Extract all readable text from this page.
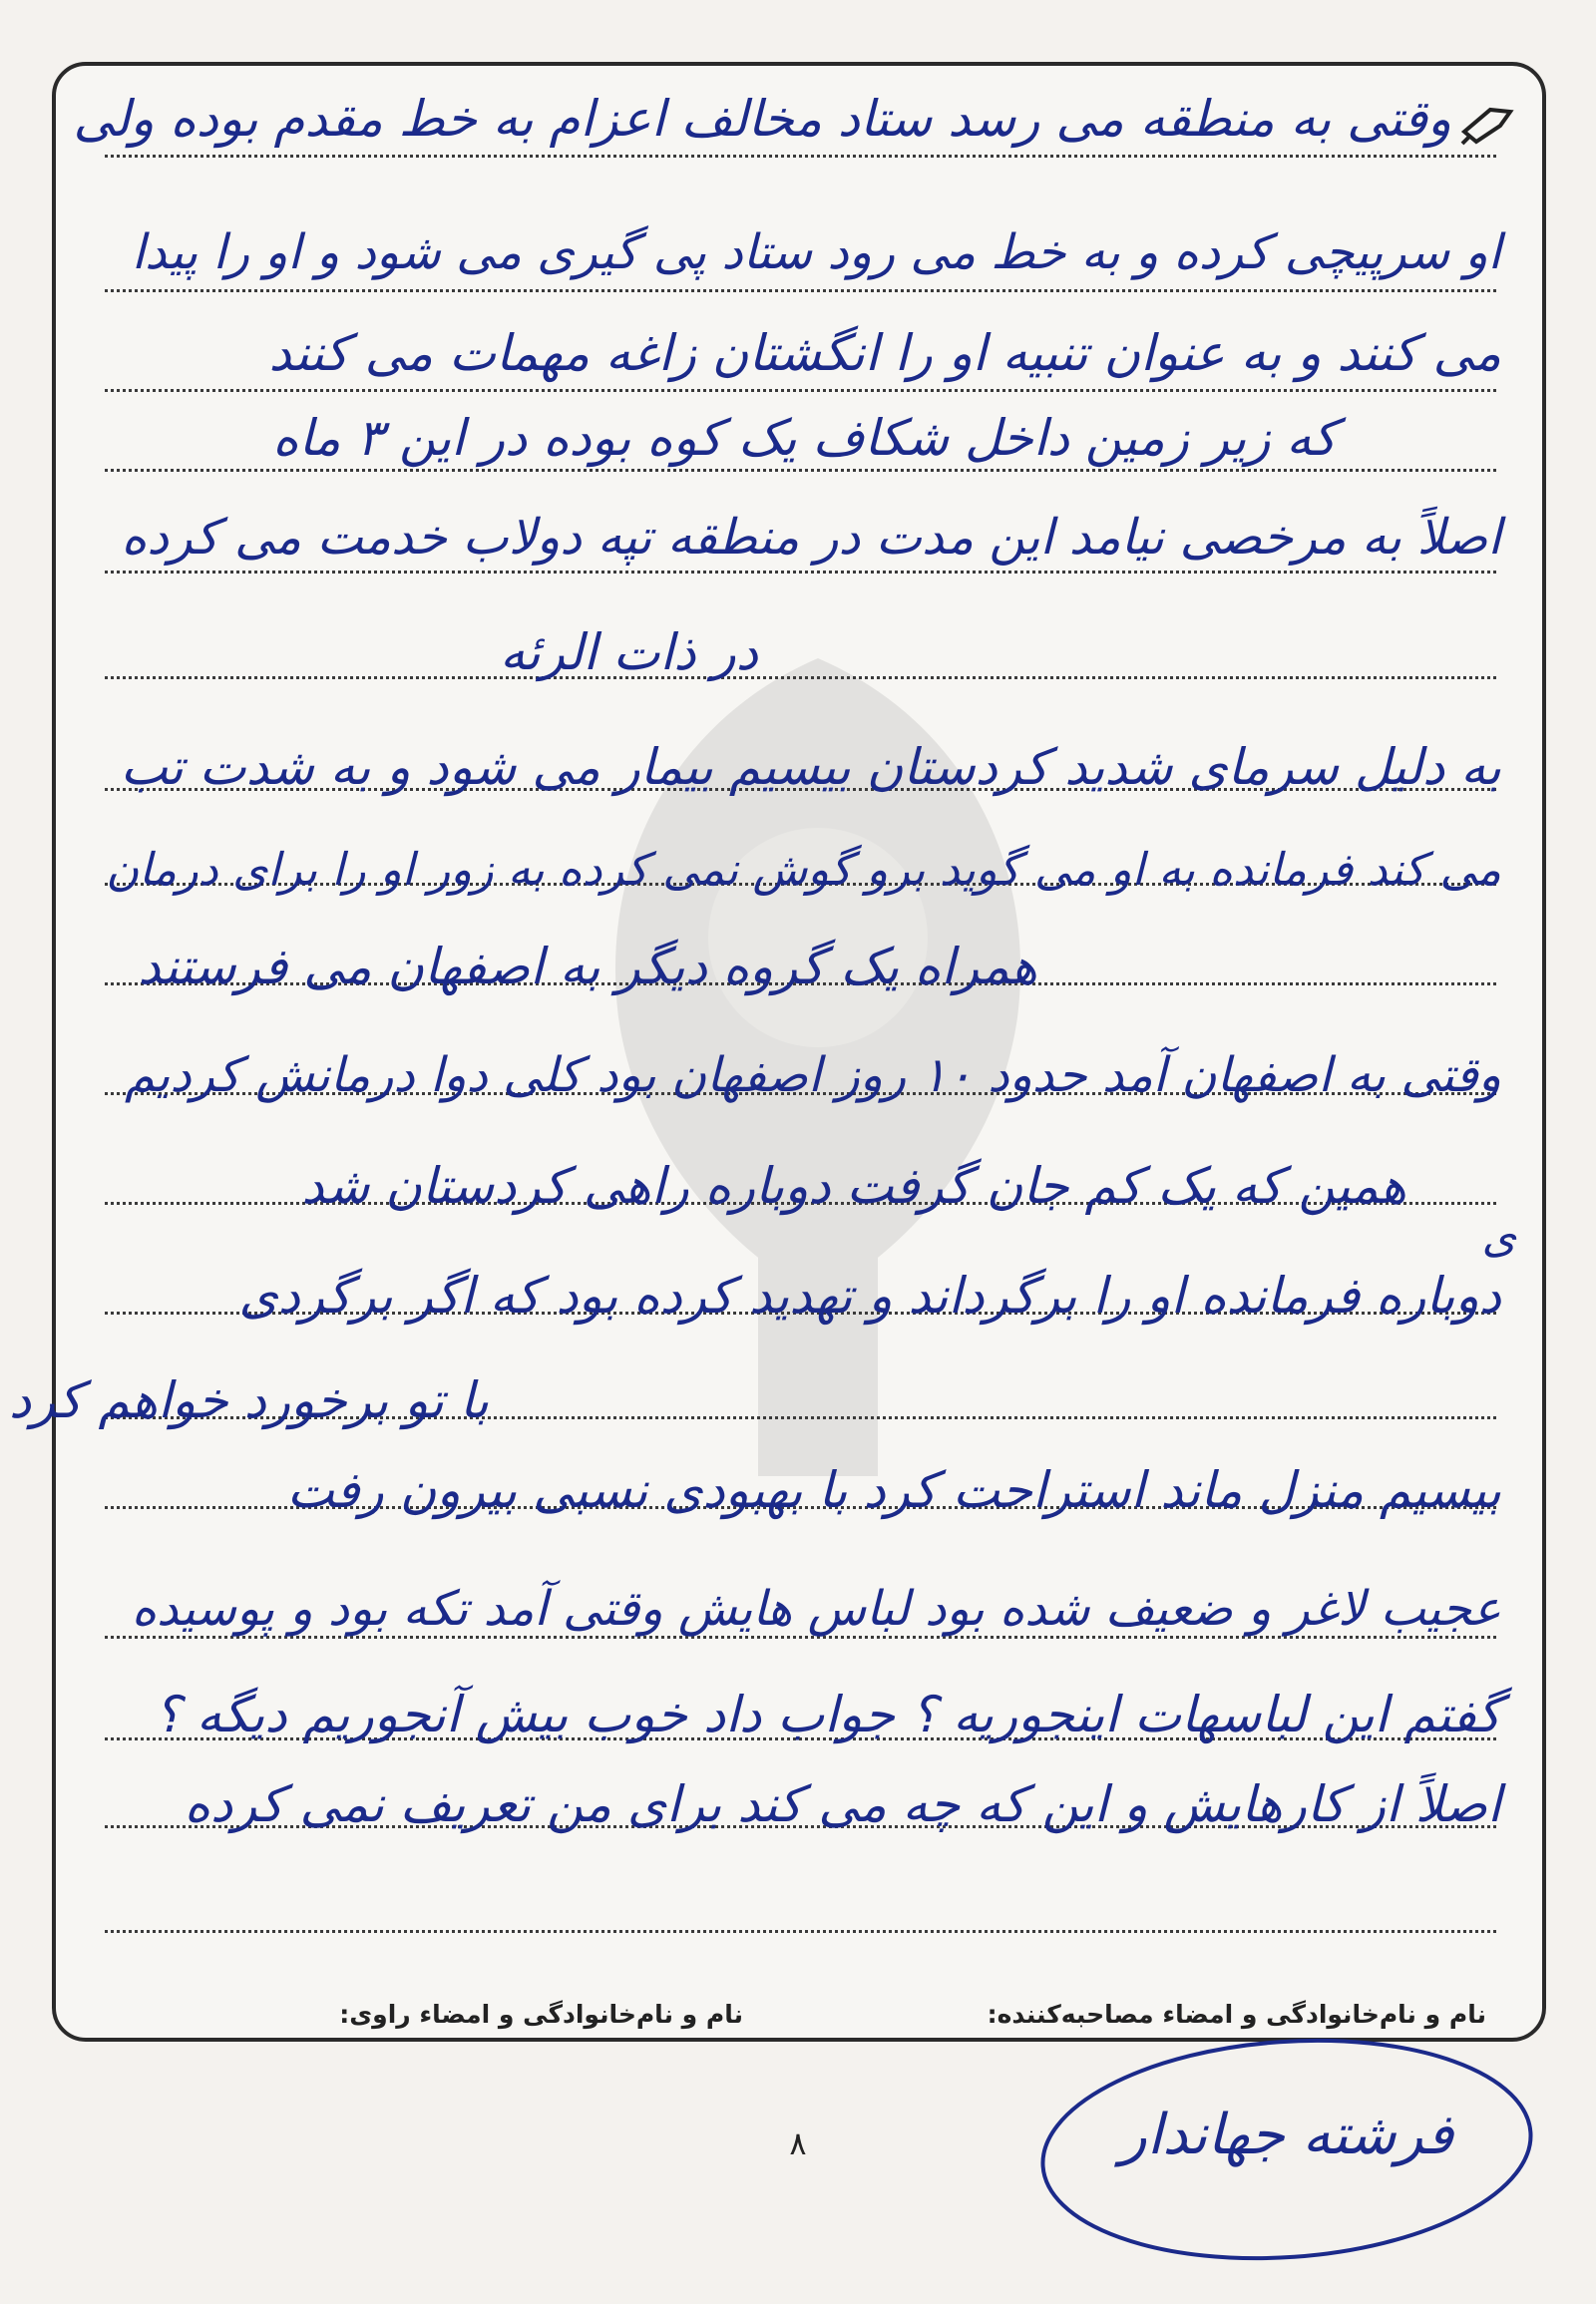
وقتی به منطقه می رسد ستاد مخالف اعزام به خط مقدم بوده ولی
او سرپیچی کرده و به خط می رود ستاد پی گیری می شود و او را پیدا
می کنند و به عنوان تنبیه او را انگشتان زاغه مهمات می کنند
که زیر زمین داخل شکاف یک کوه بوده در این ۳ ماه
اصلاً به مرخصی نیامد این مدت در منطقه تپه دولاب خدمت می کرده
در ذات الرئه
به دلیل سرمای شدید کردستان بیسیم بیمار می شود و به شدت تب
می کند فرمانده به او می گوید برو گوش نمی کرده به زور او را برای درمان
همراه یک گروه دیگر به اصفهان می فرستند
وقتی به اصفهان آمد حدود ۱۰ روز اصفهان بود کلی دوا درمانش کردیم
همین که یک کم جان گرفت دوباره راهی کردستان شد
ی
دوباره فرمانده او را برگرداند و تهدید کرده بود که اگر برگردی
با تو برخورد خواهم کرد
بیسیم منزل ماند استراحت کرد با بهبودی نسبی بیرون رفت
عجیب لاغر و ضعیف شده بود لباس هایش وقتی آمد تکه بود و پوسیده
گفتم این لباسهات اینجوریه ؟ جواب داد خوب بیش آنجوریم دیگه ؟
اصلاً از کارهایش و این که چه می کند برای من تعریف نمی کرده
نام و نام‌خانوادگی و امضاء مصاحبه‌کننده:
نام و نام‌خانوادگی و امضاء راوی:
۸	فرشته جهاندار
